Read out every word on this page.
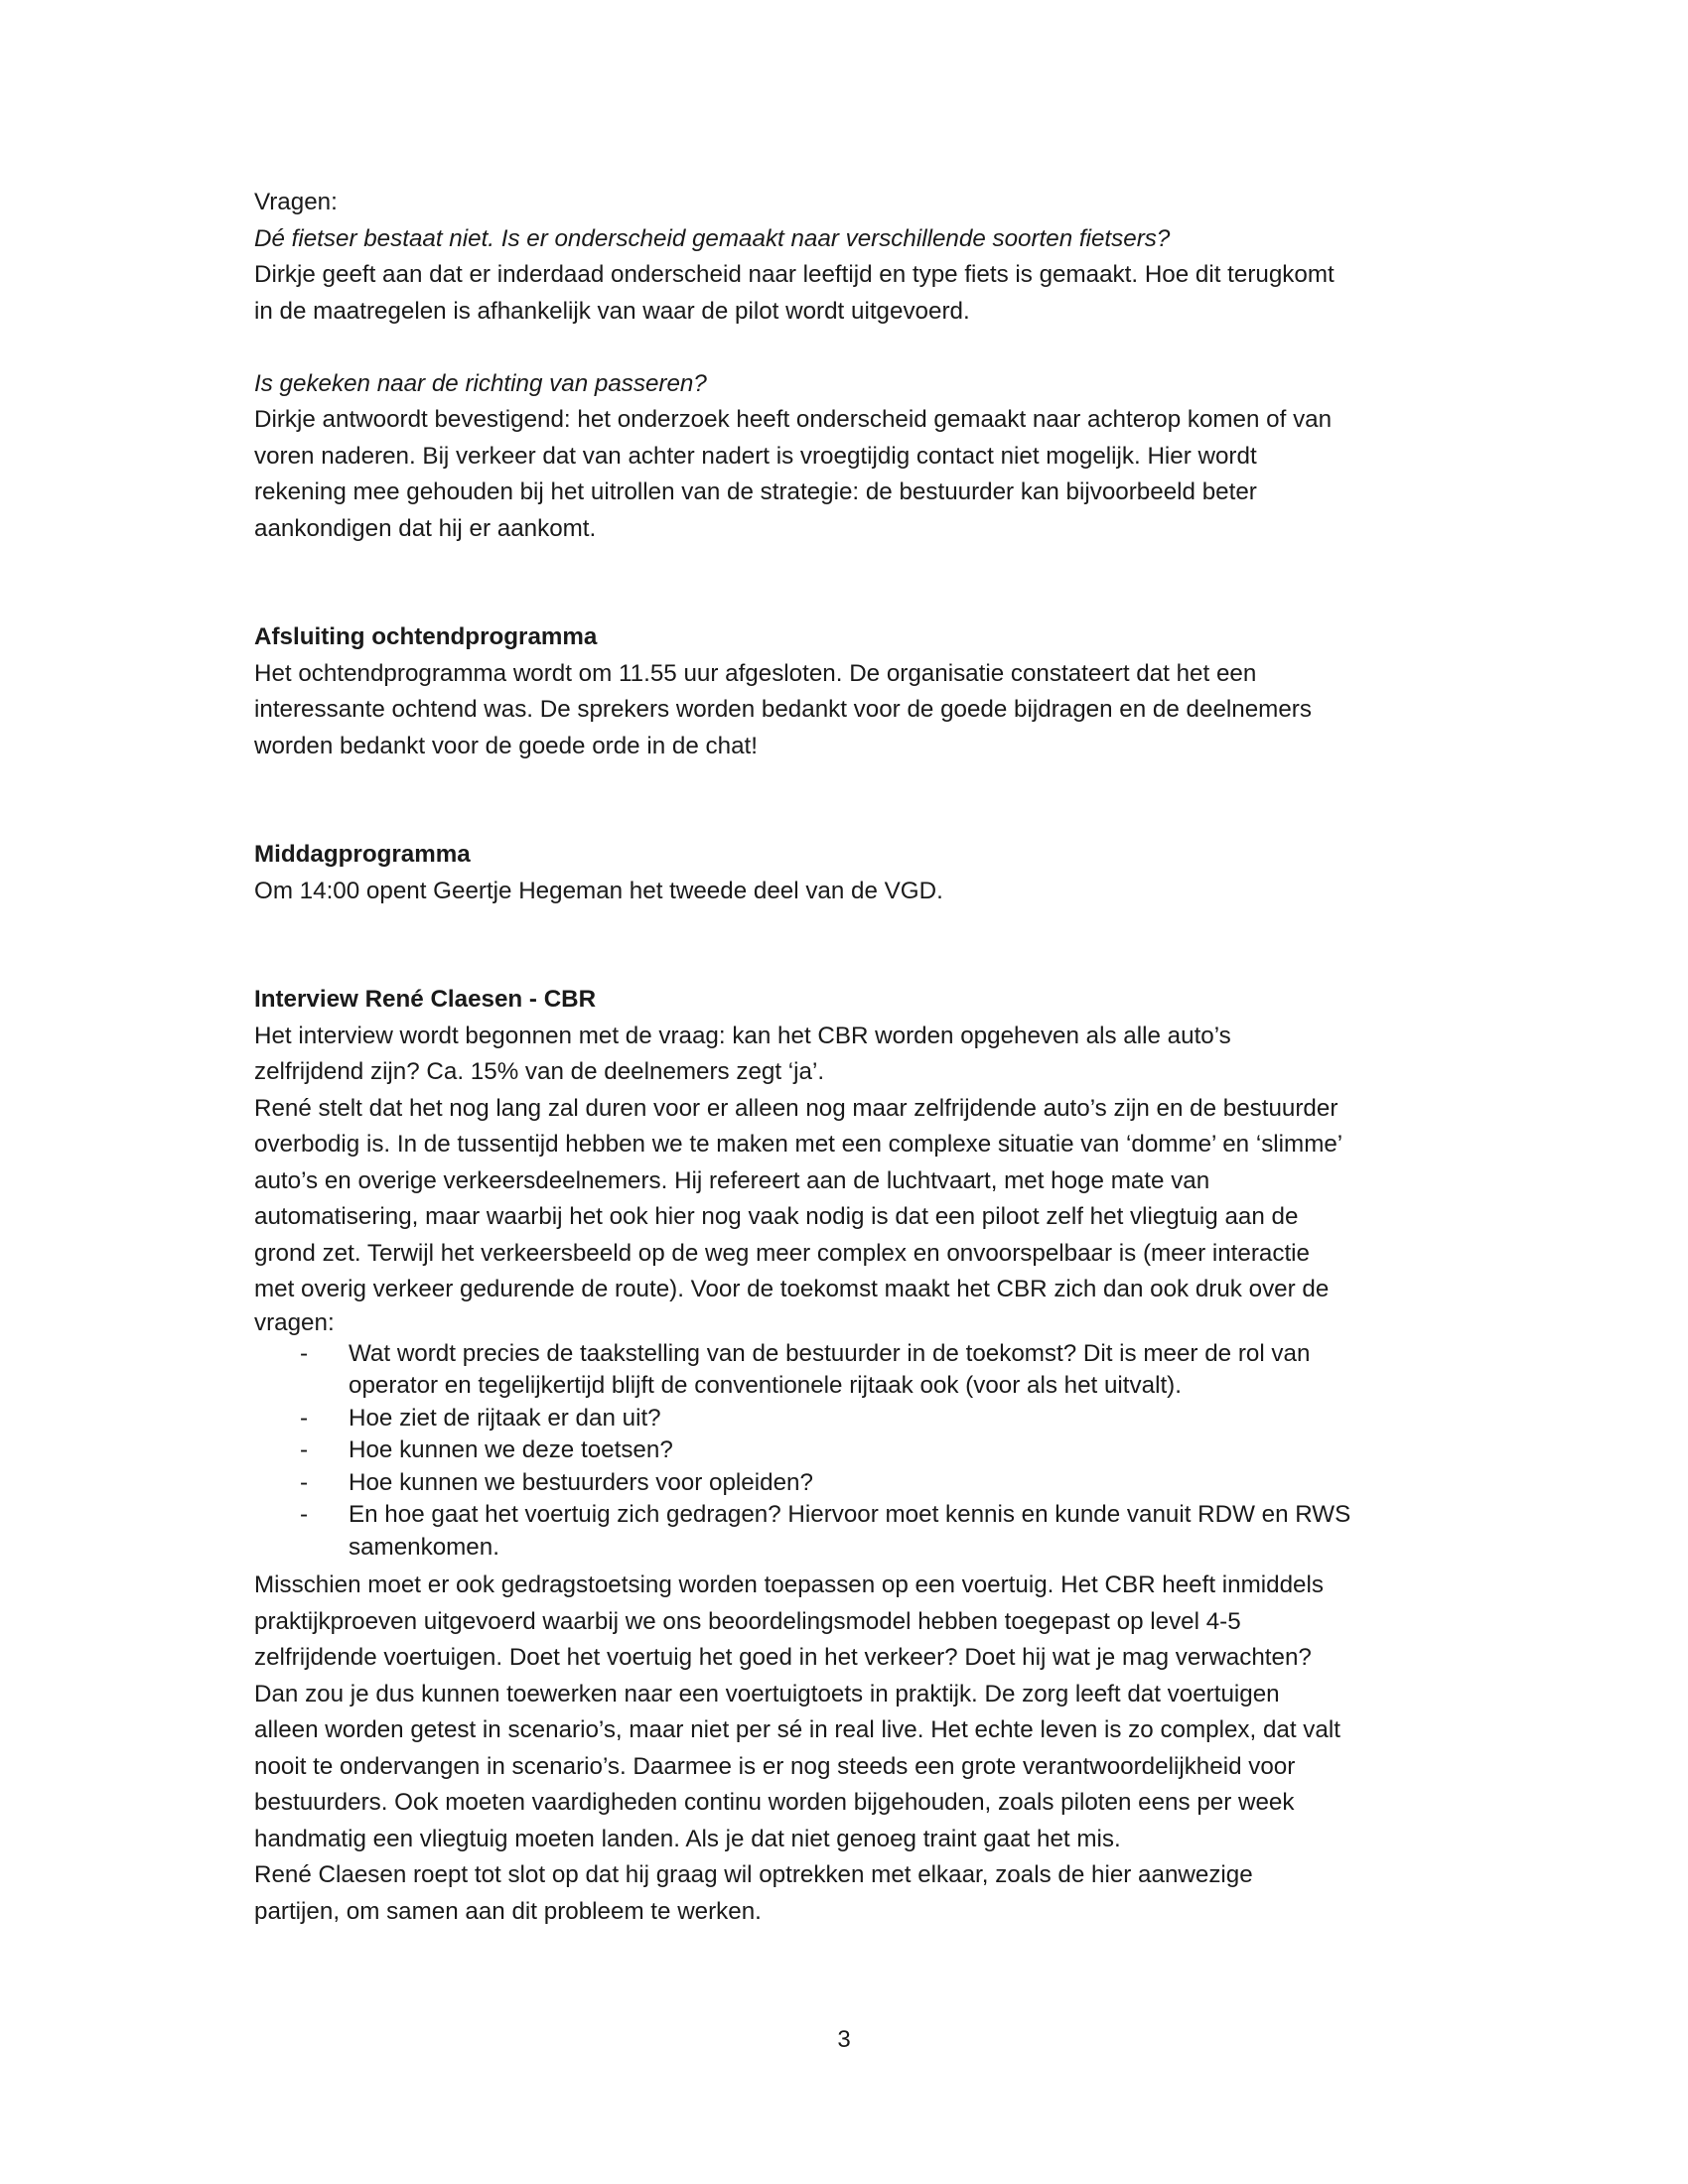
Vragen:
Dé fietser bestaat niet. Is er onderscheid gemaakt naar verschillende soorten fietsers?
Dirkje geeft aan dat er inderdaad onderscheid naar leeftijd en type fiets is gemaakt. Hoe dit terugkomt
in de maatregelen is afhankelijk van waar de pilot wordt uitgevoerd.
Is gekeken naar de richting van passeren?
Dirkje antwoordt bevestigend: het onderzoek heeft onderscheid gemaakt naar achterop komen of van
voren naderen. Bij verkeer dat van achter nadert is vroegtijdig contact niet mogelijk. Hier wordt
rekening mee gehouden bij het uitrollen van de strategie: de bestuurder kan bijvoorbeeld beter
aankondigen dat hij er aankomt.
Afsluiting ochtendprogramma
Het ochtendprogramma wordt om 11.55 uur afgesloten. De organisatie constateert dat het een
interessante ochtend was. De sprekers worden bedankt voor de goede bijdragen en de deelnemers
worden bedankt voor de goede orde in de chat!
Middagprogramma
Om 14:00 opent Geertje Hegeman het tweede deel van de VGD.
Interview René Claesen - CBR
Het interview wordt begonnen met de vraag: kan het CBR worden opgeheven als alle auto’s
zelfrijdend zijn? Ca. 15% van de deelnemers zegt ‘ja’.
René stelt dat het nog lang zal duren voor er alleen nog maar zelfrijdende auto’s zijn en de bestuurder
overbodig is. In de tussentijd hebben we te maken met een complexe situatie van ‘domme’ en ‘slimme’
auto’s en overige verkeersdeelnemers. Hij refereert aan de luchtvaart, met hoge mate van
automatisering, maar waarbij het ook hier nog vaak nodig is dat een piloot zelf het vliegtuig aan de
grond zet. Terwijl het verkeersbeeld op de weg meer complex en onvoorspelbaar is (meer interactie
met overig verkeer gedurende de route). Voor de toekomst maakt het CBR zich dan ook druk over de
vragen:
- Wat wordt precies de taakstelling van de bestuurder in de toekomst? Dit is meer de rol van
operator en tegelijkertijd blijft de conventionele rijtaak ook (voor als het uitvalt).
- Hoe ziet de rijtaak er dan uit?
- Hoe kunnen we deze toetsen?
- Hoe kunnen we bestuurders voor opleiden?
- En hoe gaat het voertuig zich gedragen? Hiervoor moet kennis en kunde vanuit RDW en RWS
samenkomen.
Misschien moet er ook gedragstoetsing worden toepassen op een voertuig. Het CBR heeft inmiddels
praktijkproeven uitgevoerd waarbij we ons beoordelingsmodel hebben toegepast op level 4-5
zelfrijdende voertuigen. Doet het voertuig het goed in het verkeer? Doet hij wat je mag verwachten?
Dan zou je dus kunnen toewerken naar een voertuigtoets in praktijk. De zorg leeft dat voertuigen
alleen worden getest in scenario’s, maar niet per sé in real live. Het echte leven is zo complex, dat valt
nooit te ondervangen in scenario’s. Daarmee is er nog steeds een grote verantwoordelijkheid voor
bestuurders. Ook moeten vaardigheden continu worden bijgehouden, zoals piloten eens per week
handmatig een vliegtuig moeten landen. Als je dat niet genoeg traint gaat het mis.
René Claesen roept tot slot op dat hij graag wil optrekken met elkaar, zoals de hier aanwezige
partijen, om samen aan dit probleem te werken.
3
